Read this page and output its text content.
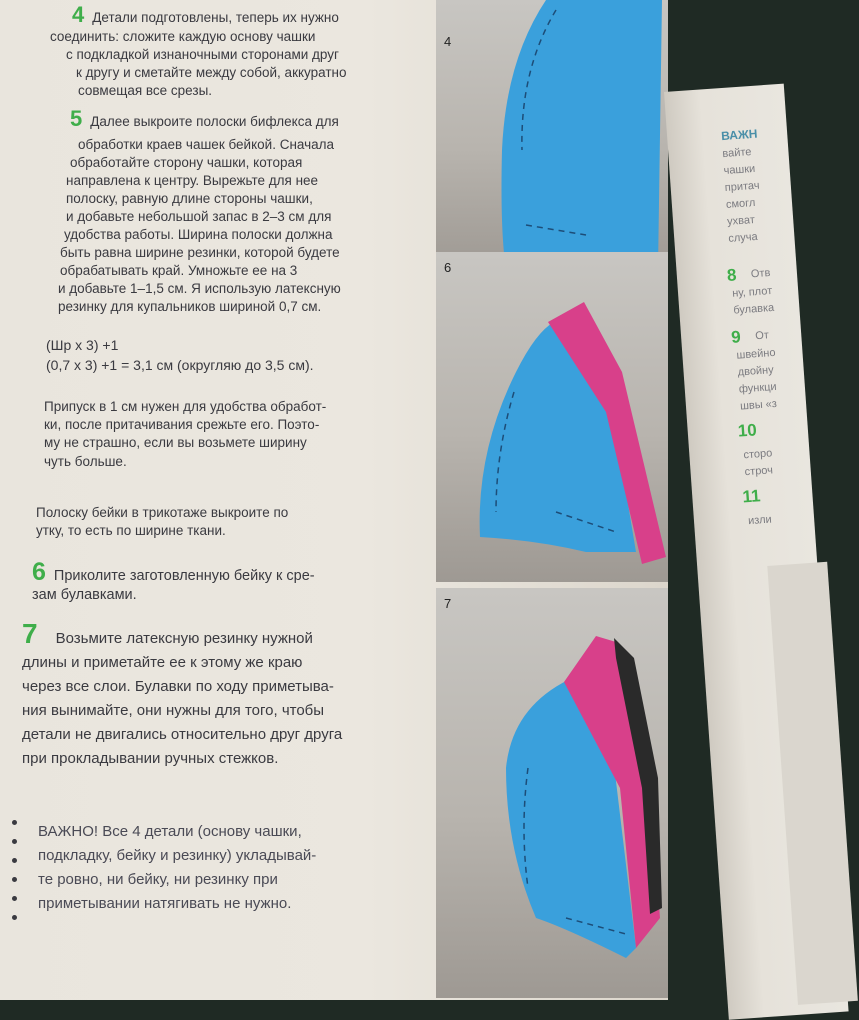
4 Детали подготовлены, теперь их нужно
соединить: сложите каждую основу чашки
с подкладкой изнаночными сторонами друг
к другу и сметайте между собой, аккуратно
совмещая все срезы.
5 Далее выкроите полоски бифлекса для
обработки краев чашек бейкой. Сначала
обработайте сторону чашки, которая
направлена к центру. Вырежьте для нее
полоску, равную длине стороны чашки,
и добавьте небольшой запас в 2–3 см для
удобства работы. Ширина полоски должна
быть равна ширине резинки, которой будете
обрабатывать край. Умножьте ее на 3
и добавьте 1–1,5 см. Я использую латексную
резинку для купальников шириной 0,7 см.
(Шр х 3) +1
(0,7 х 3) +1 = 3,1 см (округляю до 3,5 см).
Припуск в 1 см нужен для удобства обработ-
ки, после притачивания срежьте его. Поэто-
му не страшно, если вы возьмете ширину
чуть больше.
Полоску бейки в трикотаже выкроите по
утку, то есть по ширине ткани.
6 Приколите заготовленную бейку к сре-
зам булавками.
7 Возьмите латексную резинку нужной
длины и приметайте ее к этому же краю
через все слои. Булавки по ходу приметыва-
ния вынимайте, они нужны для того, чтобы
детали не двигались относительно друг друга
при прокладывании ручных стежков.
ВАЖНО! Все 4 детали (основу чашки,
подкладку, бейку и резинку) укладывай-
те ровно, ни бейку, ни резинку при
приметывании натягивать не нужно.
4
6
7
ВАЖН
вайте
чашки
притач
смогл
ухват
случа
8 Отв
ну, плот
булавка
9 От
швейно
двойну
функци
швы «з
10
сторо
строч
11
изли
